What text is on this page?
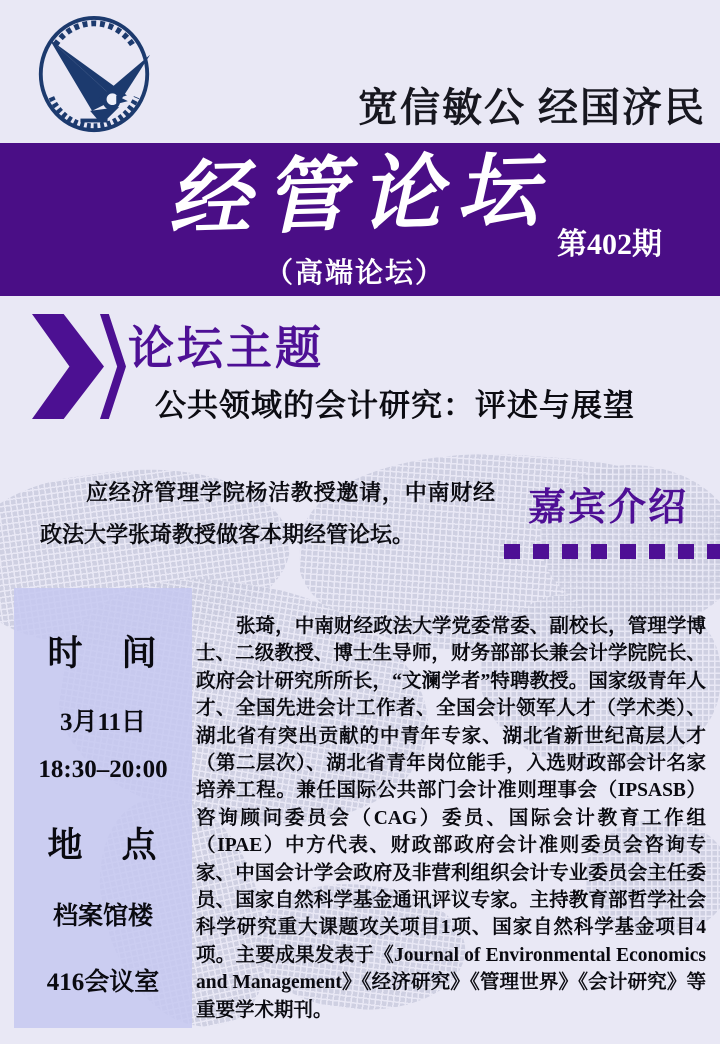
宽信敏公 经国济民
经管论坛 第402期
（高端论坛）
论坛主题
公共领域的会计研究：评述与展望

应经济管理学院杨洁教授邀请，中南财经政法大学张琦教授做客本期经管论坛。

嘉宾介绍
时　间
3月11日
18:30–20:00
地　点
档案馆楼
416会议室

张琦，中南财经政法大学党委常委、副校长，管理学博士、二级教授、博士生导师，财务部部长兼会计学院院长、政府会计研究所所长，“文澜学者”特聘教授。国家级青年人才、全国先进会计工作者、全国会计领军人才（学术类）、湖北省有突出贡献的中青年专家、湖北省新世纪高层人才（第二层次）、湖北省青年岗位能手，入选财政部会计名家培养工程。兼任国际公共部门会计准则理事会（IPSASB）咨询顾问委员会（CAG）委员、国际会计教育工作组（IPAE）中方代表、财政部政府会计准则委员会咨询专家、中国会计学会政府及非营利组织会计专业委员会主任委员、国家自然科学基金通讯评议专家。主持教育部哲学社会科学研究重大课题攻关项目1项、国家自然科学基金项目4项。主要成果发表于《Journal of Environmental Economics and Management》《经济研究》《管理世界》《会计研究》等重要学术期刊。
